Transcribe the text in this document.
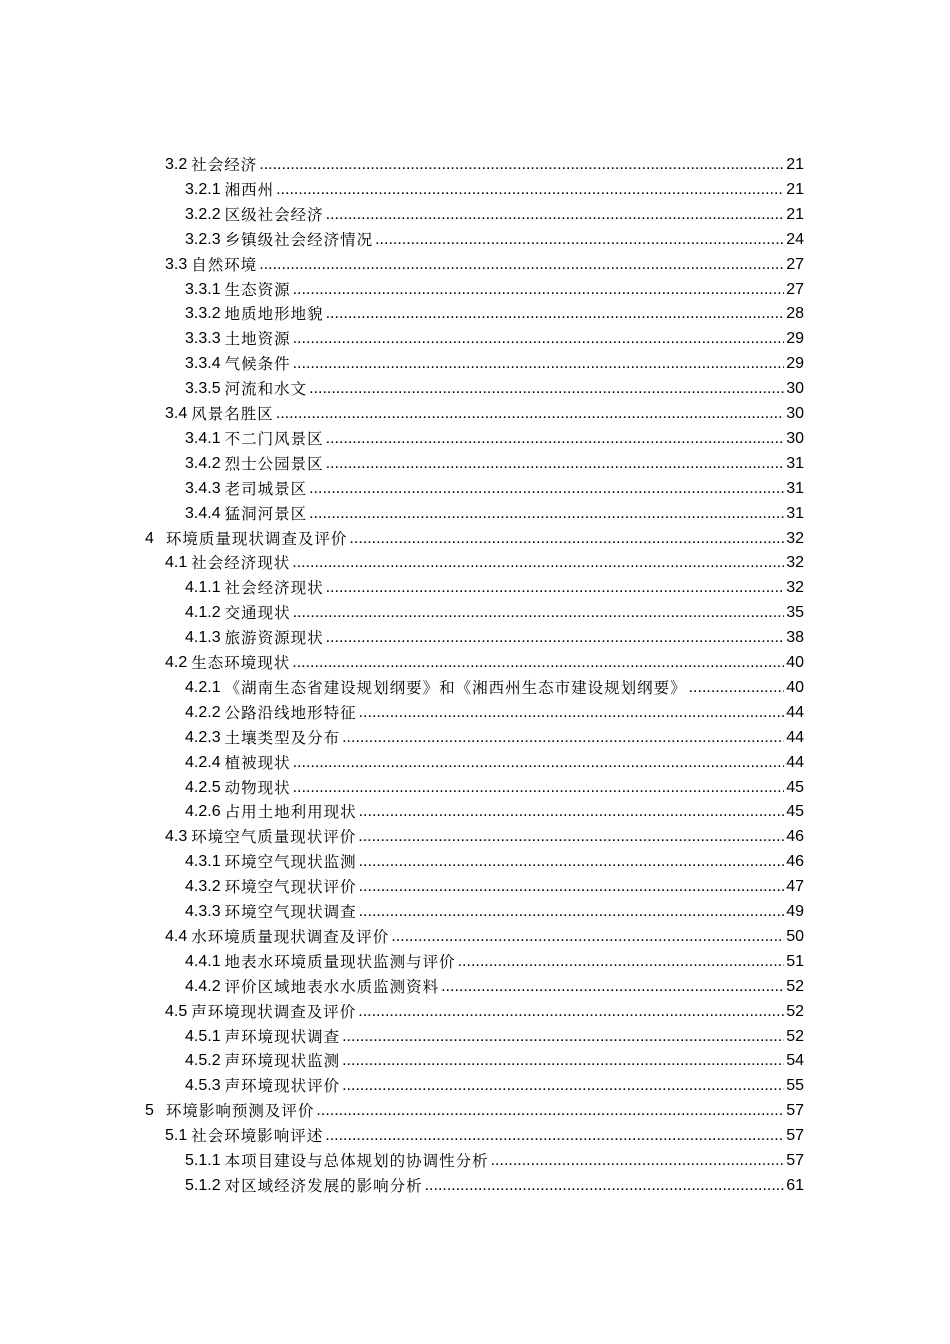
3.2 社会经济 .....	21
3.2.1 湘西州 .....	21
3.2.2 区级社会经济 .....	21
3.2.3 乡镇级社会经济情况 .....	24
3.3 自然环境 .....	27
3.3.1 生态资源 .....	27
3.3.2 地质地形地貌 .....	28
3.3.3 土地资源 .....	29
3.3.4 气候条件 .....	29
3.3.5 河流和水文 .....	30
3.4 风景名胜区 .....	30
3.4.1 不二门风景区 .....	30
3.4.2 烈士公园景区 .....	31
3.4.3 老司城景区 .....	31
3.4.4 猛洞河景区 .....	31
4 环境质量现状调查及评价 .....	32
4.1 社会经济现状 .....	32
4.1.1 社会经济现状 .....	32
4.1.2 交通现状 .....	35
4.1.3 旅游资源现状 .....	38
4.2 生态环境现状 .....	40
4.2.1 《湖南生态省建设规划纲要》和《湘西州生态市建设规划纲要》 .....	40
4.2.2 公路沿线地形特征 .....	44
4.2.3 土壤类型及分布 .....	44
4.2.4 植被现状 .....	44
4.2.5 动物现状 .....	45
4.2.6 占用土地利用现状 .....	45
4.3 环境空气质量现状评价 .....	46
4.3.1 环境空气现状监测 .....	46
4.3.2 环境空气现状评价 .....	47
4.3.3 环境空气现状调查 .....	49
4.4 水环境质量现状调查及评价 .....	50
4.4.1 地表水环境质量现状监测与评价 .....	51
4.4.2 评价区域地表水水质监测资料 .....	52
4.5 声环境现状调查及评价 .....	52
4.5.1 声环境现状调查 .....	52
4.5.2 声环境现状监测 .....	54
4.5.3 声环境现状评价 .....	55
5 环境影响预测及评价 .....	57
5.1 社会环境影响评述 .....	57
5.1.1 本项目建设与总体规划的协调性分析 .....	57
5.1.2 对区域经济发展的影响分析 .....	61
